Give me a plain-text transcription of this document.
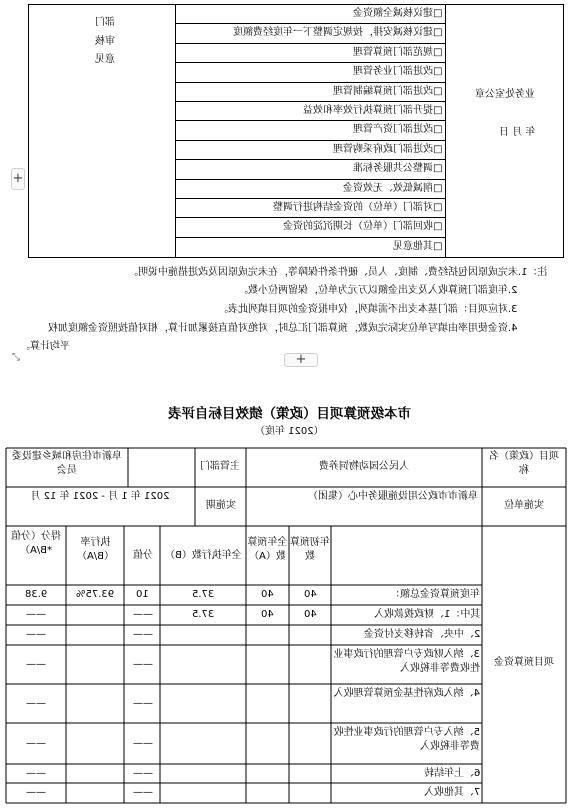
部门
审核
意见
□建议核减全额资金
□建议核减安排，按规定调整下一年度经费额度
□规范部门预算管理
□改进部门业务管理
□改进部门预算编制管理
□提升部门预算执行效率和效益
□改进部门资产管理
□改进部门政府采购管理
□调整公共服务标准
□削减低效、无效资金
□对部门（单位）的资金结构进行调整
□收回部门（单位）长期沉淀的资金
□其他意见
业务处室公章
年 月 日
+
+
⤡
注：1.未完成原因包括经费、制度、人员、硬件条件保障等，在未完成原因及改进措施中说明。
2.年度部门预算收入及支出金额以万元为单位，保留两位小数。
3.对应项目：部门基本支出不需填列，仅申报资金的项目填列此表。
4.资金使用率由填写单位实际完成数，预算部门汇总时，对绝对值直接累加计算，相对值按照资金额度加权
平均计算。
市本级预算项目（政策）绩效目标自评表
（2021 年度）
项目（政策）名称
人民公园动物饲养费
主管部门
阜新市住房和城乡建设委员会
实施单位
阜新市市政公用设施服务中心（集团）
实施期
2021 年 1 月 - 2021 年 12 月
项目预算资金
年初预算数
全年预算数（A）
全年执行数（B）
分值
执行率（B/A）
得分（分值*B/A）
年度预算资金总额：
40
40
37.5
10
93.75%
9.38
其中：1、财政拨款收入
40
40
37.5
——
——
2、中央、省转移支付资金
——
——
3、纳入财政专户管理的行政事业性收费等非税收入
——
——
4、纳入政府性基金预算管理收入
——
——
5、纳入专户管理的行政事业性收费等非税收入
——
——
6、上年结转
——
——
7、其他收入
——
——
